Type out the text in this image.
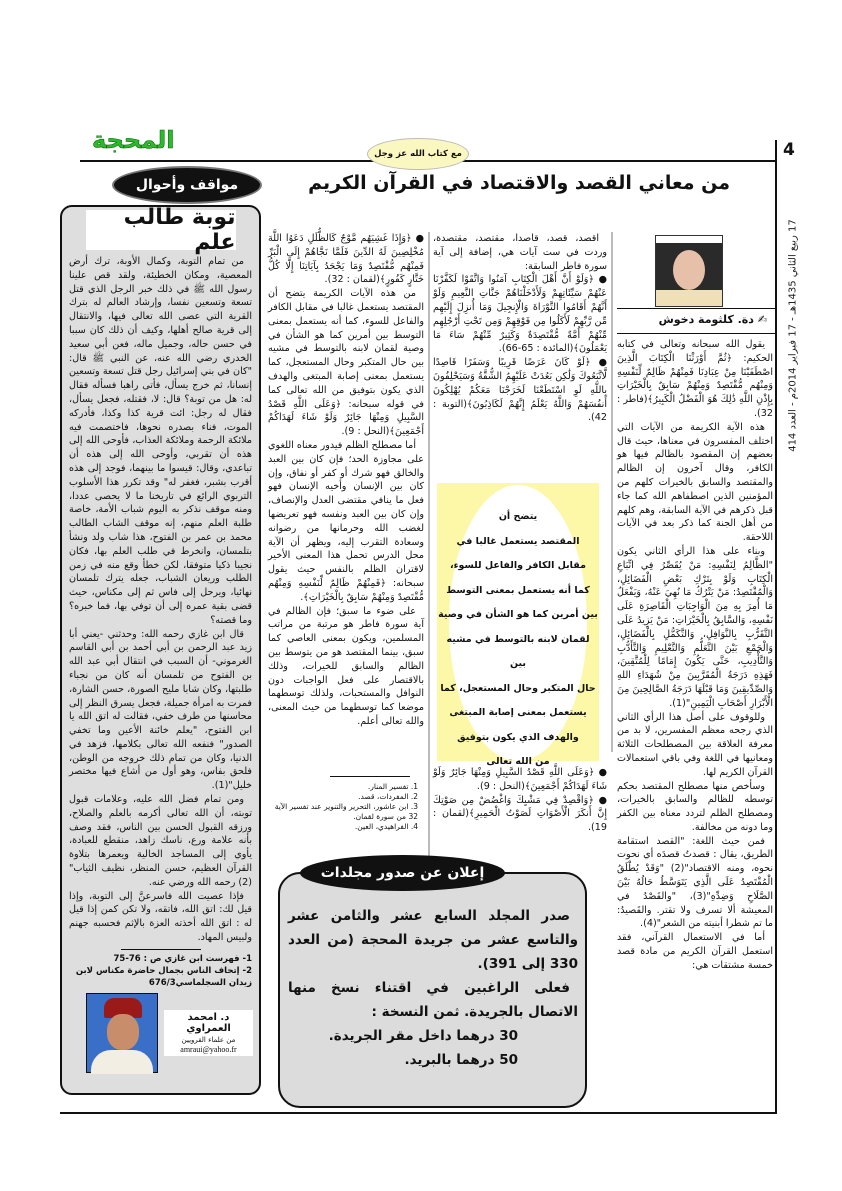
المحجة	4
مع كتاب الله عز وجل
17 ربيع الثاني 1435هـ - 17 فبراير 2014م - العدد 414
من معاني القصد والاقتصاد في القرآن الكريم
مواقف وأحوال
✍ دة. كلثومة دخوش

يقول الله سبحانه وتعالى في كتابه الحكيم: ﴿ثُمَّ أَوْرَثْنَا الْكِتَابَ الَّذِينَ اصْطَفَيْنَا مِنْ عِبَادِنَا فَمِنْهُمْ ظَالِمٌ لِّنَفْسِهِ وَمِنْهُم مُّقْتَصِدٌ وَمِنْهُمْ سَابِقٌ بِالْخَيْرَاتِ بِإِذْنِ اللَّهِ ذَٰلِكَ هُوَ الْفَضْلُ الْكَبِيرُ﴾(فاطر : 32).

هذه الآية الكريمة من الآيات التي اختلف المفسرون في معناها، حيث قال بعضهم إن المقصود بالظالم فيها هو الكافر، وقال آخرون إن الظالم والمقتصد والسابق بالخيرات كلهم من المؤمنين الذين اصطفاهم الله كما جاء قبل ذكرهم في الآية السابقة، وهم كلهم من أهل الجنة كما ذكر بعد في الآيات اللاحقة.

وبناء على هذا الرأي الثاني يكون "الظَّالِمُ لِنَفْسِهِ: مَنْ يُقَصِّرُ فِي اتِّبَاعِ الْكِتَابِ وَلَوْ بِتَرْكِ بَعْضِ الْفَضَائِلِ، وَالْمُقْتَصِدُ: مَنْ يَتْرُكُ مَا نُهِيَ عَنْهُ، وَيَفْعَلُ مَا أُمِرَ بِهِ مِنَ الْوَاجِبَاتِ الْقَاصِرَةِ عَلَى نَفْسِهِ، وَالسَّابِقُ بِالْخَيْرَاتِ: مَنْ يَزِيدُ عَلَى التَّقَرُّبِ بِالنَّوَافِلِ، وَالتَّكَمُّلِ بِالْفَضَائِلِ، وَالْجَمْعِ بَيْنَ التَّعَلُّمِ وَالتَّعْلِيمِ وَالتَّأَدُّبِ وَالتَّأْدِيبِ، حَتَّى يَكُونَ إِمَامًا لِلْمُتَّقِينَ، فَهَذِهِ دَرَجَةُ الْمُقَرَّبِينَ مِنْ شُهَدَاءِ اللهِ وَالصِّدِّيقِينَ وَمَا قَبْلَهَا دَرَجَةُ الصَّالِحِينَ مِنَ الْأَبْرَارِ أَصْحَابِ الْيَمِينِ"(1).

وللوقوف على أصل هذا الرأي الثاني الذي رجحه معظم المفسرين، لا بد من معرفة العلاقة بين المصطلحات الثلاثة ومعانيها في اللغة وفي باقي استعمالات القرآن الكريم لها.

وسأخص منها مصطلح المقتصد بحكم توسطه للظالم والسابق بالخيرات، ومصطلح الظلم لتردد معناه بين الكفر وما دونه من مخالفة.

فمن حيث اللغة: "القصد استقامة الطريق، يقال : قصدتُ قصدَه أي نحوت نحوه، ومنه الاقتصاد"(2) "وَقَدْ يُطْلَقُ الْمُقْتَصِدُ عَلَى الَّذِي يَتَوَسَّطُ حَالُهُ بَيْنَ الصَّلَاحِ وَضِدِّهِ"(3)، "والقَصْدُ في المعيشة ألا تسرف ولا تقتر. والقَصيدُ: ما تم شطرا أبنيته من الشعر"(4).

أما في الاستعمال القرآني، فقد استعمل القرآن الكريم من مادة قصد خمسة مشتقات هي:

اقصد، قصد، قاصدا، مقتصد، مقتصدة، وردت في ست آيات هي، إضافة إلى آية سورة فاطر السابقة:

● ﴿وَلَوْ أَنَّ أَهْلَ الْكِتَابِ آمَنُوا وَاتَّقَوْا لَكَفَّرْنَا عَنْهُمْ سَيِّئَاتِهِمْ وَلَأَدْخَلْنَاهُمْ جَنَّاتِ النَّعِيمِ وَلَوْ أَنَّهُمْ أَقَامُوا التَّوْرَاةَ وَالْإِنجِيلَ وَمَا أُنزِلَ إِلَيْهِم مِّن رَّبِّهِمْ لَأَكَلُوا مِن فَوْقِهِمْ وَمِن تَحْتِ أَرْجُلِهِم مِّنْهُمْ أُمَّةٌ مُّقْتَصِدَةٌ وَكَثِيرٌ مِّنْهُمْ سَاءَ مَا يَعْمَلُونَ﴾(المائدة : 65-66).

● ﴿لَوْ كَانَ عَرَضًا قَرِيبًا وَسَفَرًا قَاصِدًا لَّاتَّبَعُوكَ وَلَٰكِن بَعُدَتْ عَلَيْهِمُ الشُّقَّةُ وَسَيَحْلِفُونَ بِاللَّهِ لَوِ اسْتَطَعْنَا لَخَرَجْنَا مَعَكُمْ يُهْلِكُونَ أَنفُسَهُمْ وَاللَّهُ يَعْلَمُ إِنَّهُمْ لَكَاذِبُونَ﴾(التوبة : 42).

يتضح أن
المقتصد يستعمل غالبا في
مقابل الكافر والفاعل للسوء،
كما أنه يستعمل بمعنى التوسط
بين أمرين كما هو الشأن في وصية
لقمان لابنه بالتوسط في مشيه بين
حال المتكبر وحال المستعجل، كما
يستعمل بمعنى إصابة المبتغى
والهدف الذي يكون بتوفيق
من الله تعالى

● ﴿وَعَلَى اللَّهِ قَصْدُ السَّبِيلِ وَمِنْهَا جَائِرٌ وَلَوْ شَاءَ لَهَدَاكُمْ أَجْمَعِينَ﴾(النحل : 9).

● ﴿وَاقْصِدْ فِي مَشْيِكَ وَاغْضُضْ مِن صَوْتِكَ إِنَّ أَنكَرَ الْأَصْوَاتِ لَصَوْتُ الْحَمِيرِ﴾(لقمان : 19).

● ﴿وَإِذَا غَشِيَهُم مَّوْجٌ كَالظُّلَلِ دَعَوُا اللَّهَ مُخْلِصِينَ لَهُ الدِّينَ فَلَمَّا نَجَّاهُمْ إِلَى الْبَرِّ فَمِنْهُم مُّقْتَصِدٌ وَمَا يَجْحَدُ بِآيَاتِنَا إِلَّا كُلُّ خَتَّارٍ كَفُورٍ﴾(لقمان : 32).

من هذه الآيات الكريمة يتضح أن المقتصد يستعمل غالبا في مقابل الكافر والفاعل للسوء، كما أنه يستعمل بمعنى التوسط بين أمرين كما هو الشأن في وصية لقمان لابنه بالتوسط في مشيه بين حال المتكبر وحال المستعجل، كما يستعمل بمعنى إصابة المبتغى والهدف الذي يكون بتوفيق من الله تعالى كما في قوله سبحانه: ﴿وَعَلَى اللَّهِ قَصْدُ السَّبِيلِ وَمِنْهَا جَائِرٌ وَلَوْ شَاءَ لَهَدَاكُمْ أَجْمَعِينَ﴾(النحل : 9).

أما مصطلح الظلم فيدور معناه اللغوي على مجاوزة الحد؛ فإن كان بين العبد والخالق فهو شرك أو كفر أو نفاق، وإن كان بين الإنسان وأخيه الإنسان فهو فعل ما ينافي مقتضى العدل والإنصاف، وإن كان بين العبد ونفسه فهو تعريضها لغضب الله وحرمانها من رضوانه وسعادة التقرب إليه، ويظهر أن الآية محل الدرس تحمل هذا المعنى الأخير لاقتران الظلم بالنفس حيث يقول سبحانه: ﴿فَمِنْهُمْ ظَالِمٌ لِّنَفْسِهِ وَمِنْهُم مُّقْتَصِدٌ وَمِنْهُمْ سَابِقٌ بِالْخَيْرَاتِ﴾.

على ضوء ما سبق؛ فإن الظالم في آية سورة فاطر هو مرتبة من مراتب المسلمين، ويكون بمعنى العاصي كما سبق، بينما المقتصد هو من يتوسط بين الظالم والسابق للخيرات، وذلك بالاقتصار على فعل الواجبات دون النوافل والمستحبات، ولذلك توسطهما موضعا كما توسطهما من حيث المعنى، والله تعالى أعلم.

1. تفسير المنار.
2. المفردات، قصد.
3. ابن عاشور، التحرير والتنوير عند تفسير الآية 32 من سورة لقمان.
4. الفراهيدي، العين.
توبة طالب علم

من تمام التوبة، وكمال الأوبة، ترك أرض المعصية، ومكان الخطيئة، ولقد قص علينا رسول الله ﷺ في ذلك خبر الرجل الذي قتل تسعة وتسعين نفسا، وإرشاد العالم له بترك القرية التي عصى الله تعالى فيها، والانتقال إلى قرية صالح أهلها، وكيف أن ذلك كان سببا في حسن حاله، وجميل ماله، فعن أبي سعيد الخدري رضي الله عنه، عن النبي ﷺ قال: "كان في بني إسرائيل رجل قتل تسعة وتسعين إنسانا، ثم خرج يسأل، فأتى راهبا فسأله فقال له: هل من توبة؟ قال: لا، فقتله، فجعل يسأل، فقال له رجل: ائت قرية كذا وكذا، فأدركه الموت، فناء بصدره نحوها، فاختصمت فيه ملائكة الرحمة وملائكة العذاب، فأوحى الله إلى هذه أن تقربي، وأوحى الله إلى هذه أن تباعدي، وقال: قيسوا ما بينهما، فوجد إلى هذه أقرب بشبر، فغفر له" وقد تكرر هذا الأسلوب التربوي الرائع في تاريخنا ما لا يحصى عددا، ومنه موقف نذكر به اليوم شباب الأمة، خاصة طلبة العلم منهم، إنه موقف الشاب الطالب محمد بن عمر بن الفتوح، هذا شاب ولد ونشأ بتلمسان، وانخرط في طلب العلم بها، فكان نجيبا ذكيا متوفقا، لكن خطأ وقع منه في زمن الطلب وريعان الشباب، جعله يترك تلمسان نهائيا، ويرحل إلى فاس ثم إلى مكناس، حيث قضى بقية عمره إلى أن توفي بها، فما خبره؟ وما قصته؟

قال ابن غازي رحمه الله: وحدثني -يعني أبا زيد عبد الرحمن بن أبي أحمد بن أبي القاسم الغرموني- أن السبب في انتقال أبي عبد الله بن الفتوح من تلمسان أنه كان من نجباء طلبتها، وكان شابا مليح الصورة، حسن الشارة، فمرت به امرأة جميلة، فجعل يسرق النظر إلى محاسنها من طرف خفي، فقالت له اتق الله يا ابن الفتوح، "يعلم خائنة الأعين وما تخفي الصدور" فنفعه الله تعالى بكلامها، فزهد في الدنيا، وكان من تمام ذلك خروجه من الوطن، فلحق بفاس، وهو أول من أشاع فيها مختصر خليل"(1).

ومن تمام فضل الله عليه، وعلامات قبول توبته، أن الله تعالى أكرمه بالعلم والصلاح، ورزقه القبول الحسن بين الناس، فقد وصف بأنه علامة ورع، ناسك زاهد، منقطع للعبادة، يأوي إلى المساجد الخالية ويعمرها بتلاوة القرآن العظيم، حسن المنظر، نظيف الثياب"(2) رحمه الله ورضي عنه.

فإذا عصيت الله فاسرعنَّ إلى التوبة، وإذا قيل لك: اتق الله، فاتقه، ولا تكن كمن إذا قيل له : اتق الله أخذته العزة بالإثم فحسبه جهنم ولبيس المهاد.

1- فهرست ابن غازي ص : 76-75
2- إتحاف الناس بجمال حاضرة مكناس لابن زيدان السجلماسي676/3
د. امحمد العمراوي
من علماء القرويين
amraui@yahoo.fr

صدر المجلد السابع عشر والثامن عشر والتاسع عشر من جريدة المحجة (من العدد 330 إلى 391).

فعلى الراغبين في اقتناء نسخ منها الاتصال بالجريدة. ثمن النسخة :

30 درهما داخل مقر الجريدة.
50 درهما بالبريد.
إعلان عن صدور مجلدات
